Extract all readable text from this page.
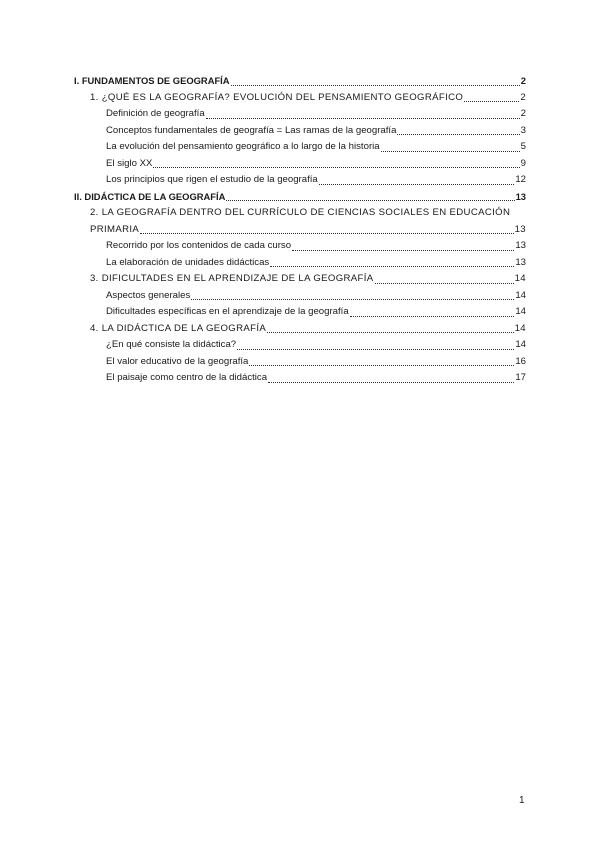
I. FUNDAMENTOS DE GEOGRAFÍA	2
1. ¿QUÉ ES LA GEOGRAFÍA? EVOLUCIÓN DEL PENSAMIENTO GEOGRÁFICO	2
Definición de geografía	2
Conceptos fundamentales de geografía = Las ramas de la geografía	3
La evolución del pensamiento geográfico a lo largo de la historia	5
El siglo XX	9
Los principios que rigen el estudio de la geografía	12
II. DIDÁCTICA DE LA GEOGRAFÍA	13
2. LA GEOGRAFÍA DENTRO DEL CURRÍCULO DE CIENCIAS SOCIALES EN EDUCACIÓN
PRIMARIA	13
Recorrido por los contenidos de cada curso	13
La elaboración de unidades didácticas	13
3. DIFICULTADES EN EL APRENDIZAJE DE LA GEOGRAFÍA	14
Aspectos generales	14
Dificultades específicas en el aprendizaje de la geografía	14
4. LA DIDÁCTICA DE LA GEOGRAFÍA	14
¿En qué consiste la didáctica?	14
El valor educativo de la geografía	16
El paisaje como centro de la didáctica	17
1
